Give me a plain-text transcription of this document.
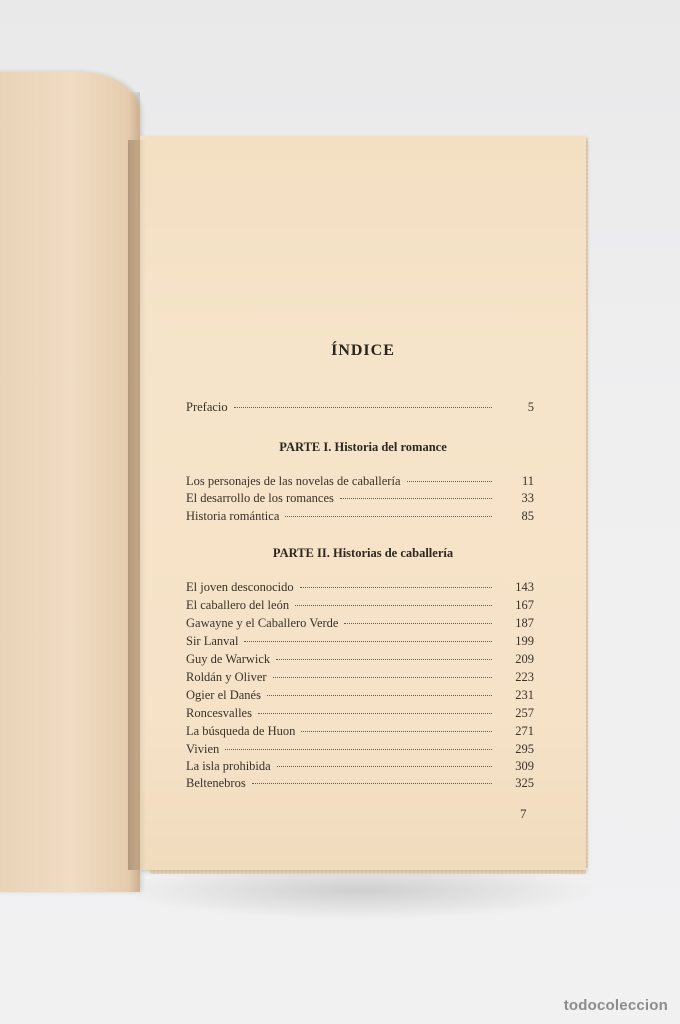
ÍNDICE
Prefacio	5
PARTE I. Historia del romance
Los personajes de las novelas de caballería	11
El desarrollo de los romances	33
Historia romántica	85
PARTE II. Historias de caballería
El joven desconocido	143
El caballero del león	167
Gawayne y el Caballero Verde	187
Sir Lanval	199
Guy de Warwick	209
Roldán y Oliver	223
Ogier el Danés	231
Roncesvalles	257
La búsqueda de Huon	271
Vivien	295
La isla prohibida	309
Beltenebros	325
7
todocoleccion
